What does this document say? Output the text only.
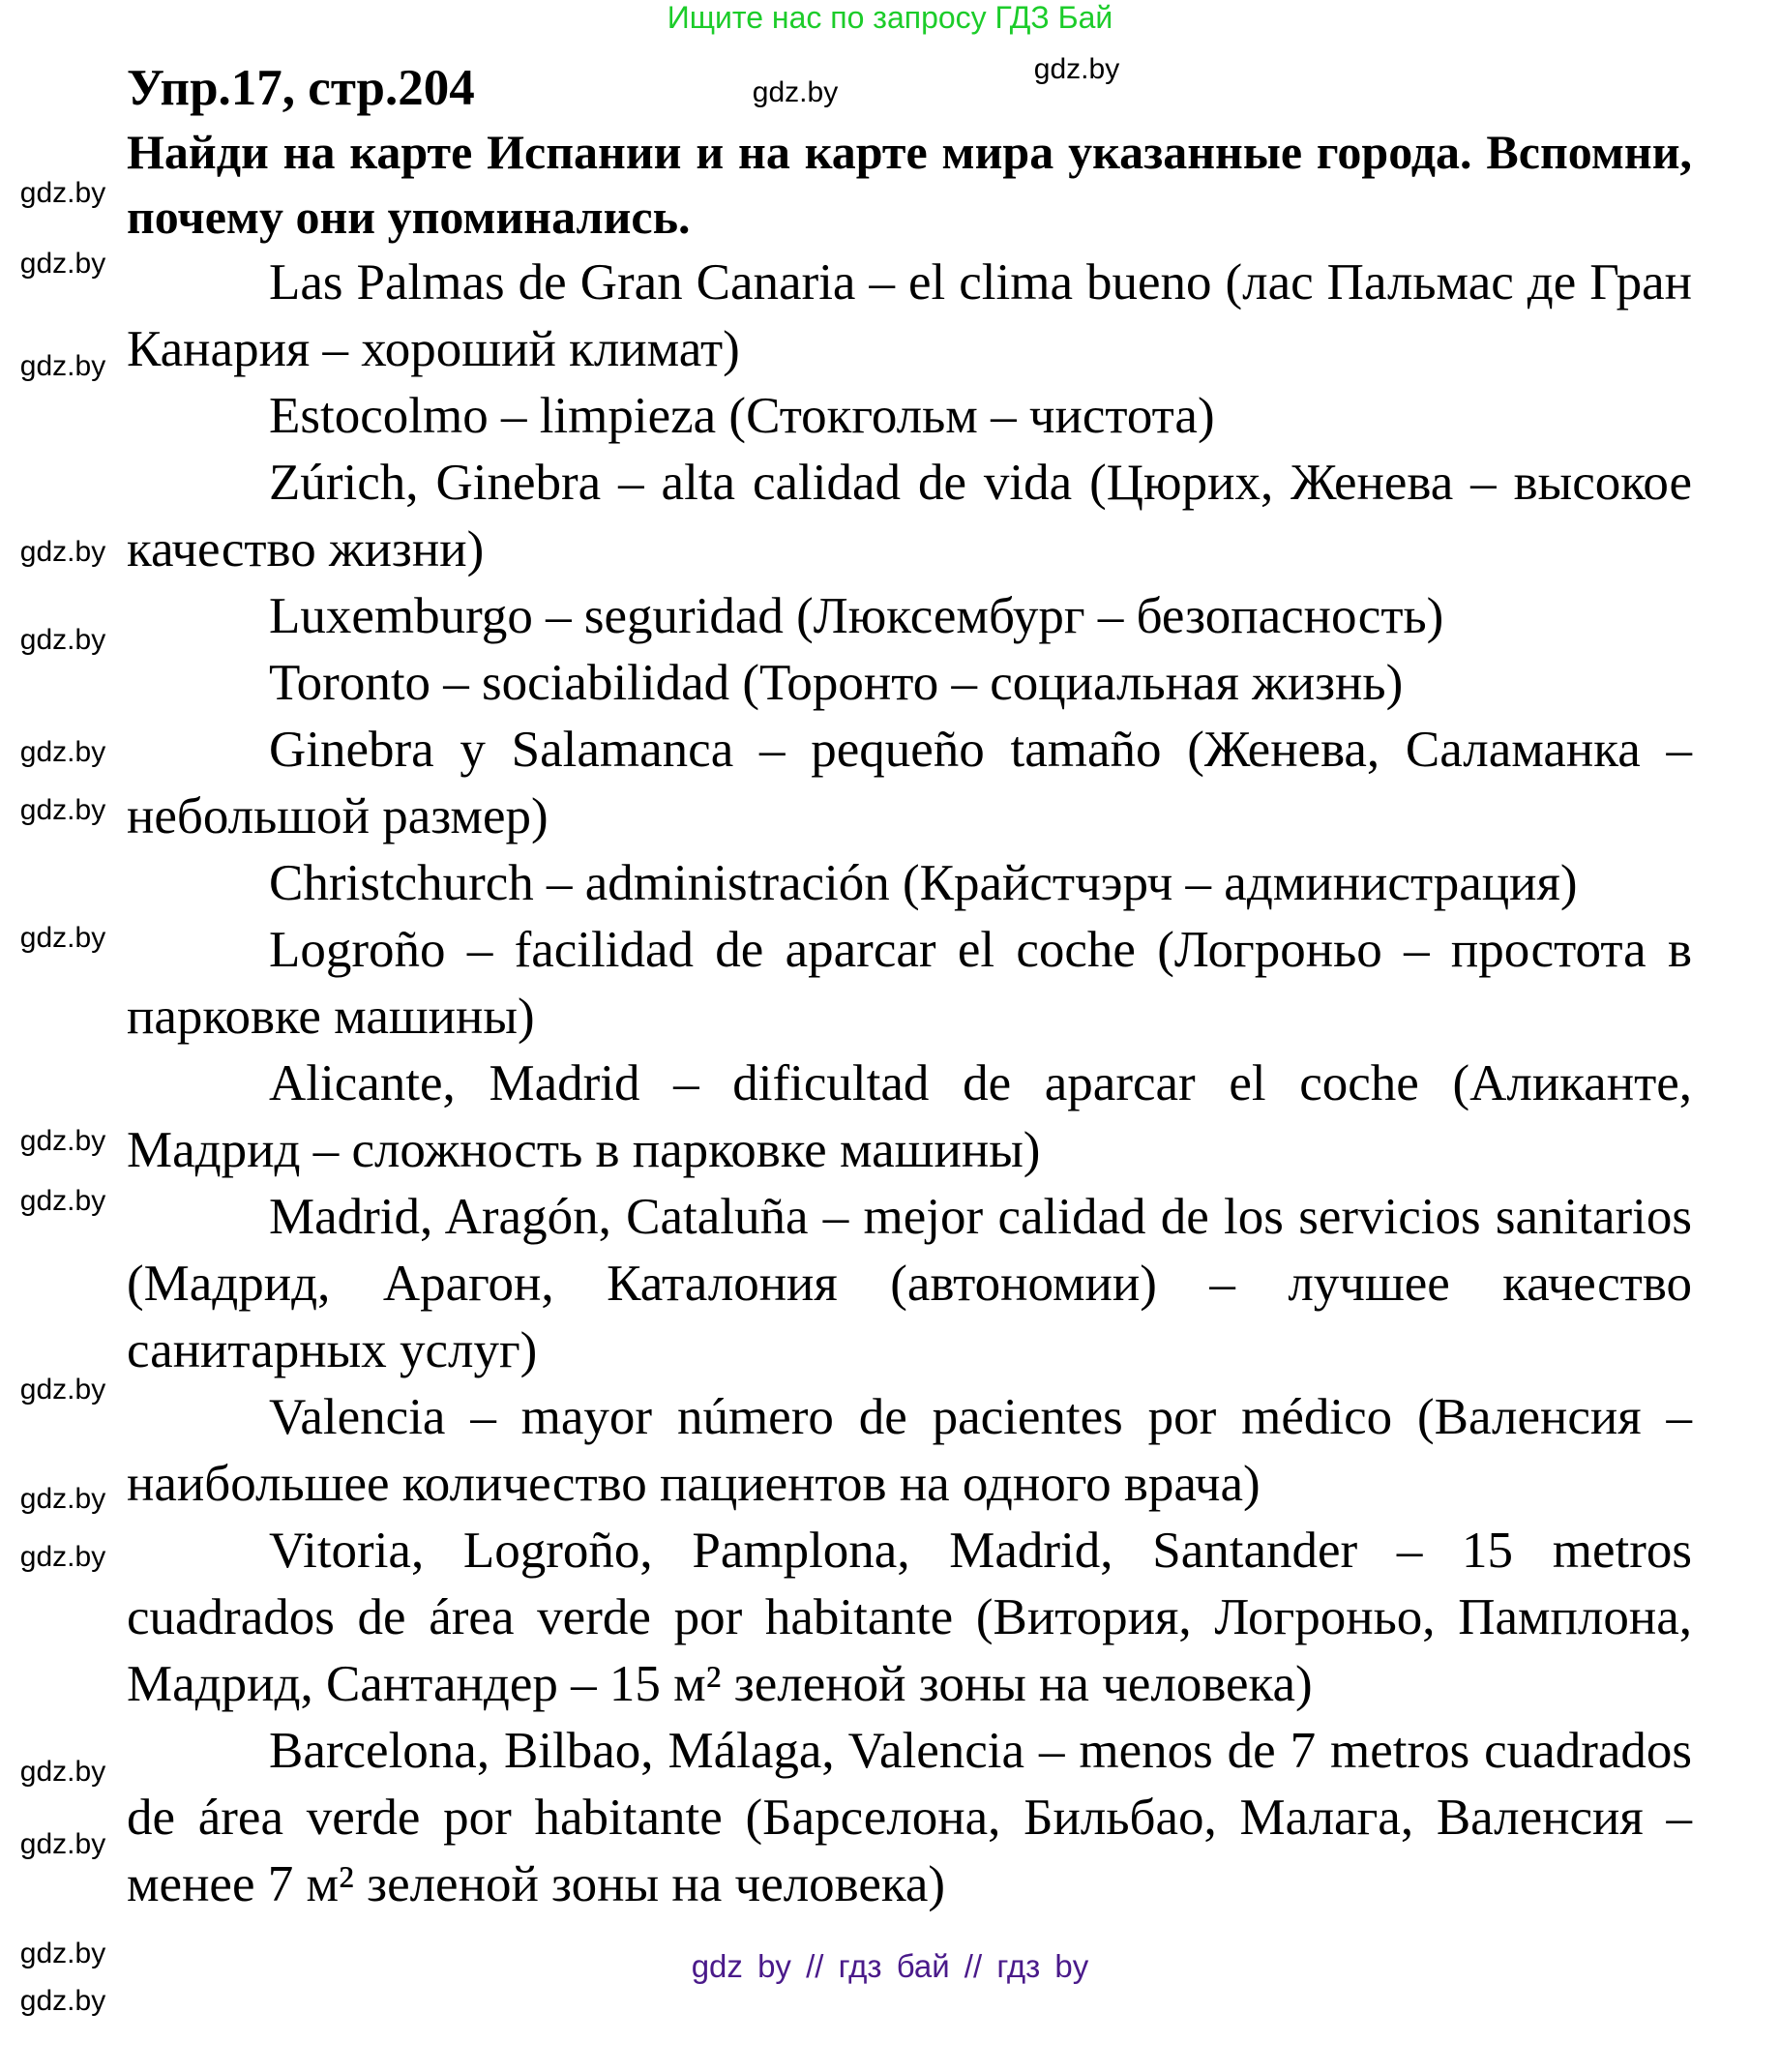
Ищите нас по запросу ГДЗ Бай
Упр.17, стр.204

Найди на карте Испании и на карте мира указанные города. Вспомни, почему они упоминались.

Las Palmas de Gran Canaria – el clima bueno (лас Пальмас де Гран Канария – хороший климат)

Estocolmo – limpieza (Стокгольм – чистота)

Zúrich, Ginebra – alta calidad de vida (Цюрих, Женева – высокое качество жизни)

Luxemburgo – seguridad (Люксембург – безопасность)

Toronto – sociabilidad (Торонто – социальная жизнь)

Ginebra y Salamanca – pequeño tamaño (Женева, Саламанка – небольшой размер)

Christchurch – administración (Крайстчэрч – администрация)

Logroño – facilidad de aparcar el coche (Логроньо – простота в парковке машины)

Alicante, Madrid – dificultad de aparcar el coche (Аликанте, Мадрид – сложность в парковке машины)

Madrid, Aragón, Cataluña – mejor calidad de los servicios sanitarios (Мадрид, Арагон, Каталония (автономии) – лучшее качество санитарных услуг)

Valencia – mayor número de pacientes por médico (Валенсия – наибольшее количество пациентов на одного врача)

Vitoria, Logroño, Pamplona, Madrid, Santander – 15 metros cuadrados de área verde por habitante (Витория, Логроньо, Памплона, Мадрид, Сантандер – 15 м² зеленой зоны на человека)

Barcelona, Bilbao, Málaga, Valencia – menos de 7 metros cuadrados de área verde por habitante (Барселона, Бильбао, Малага, Валенсия – менее 7 м² зеленой зоны на человека)

gdz by // гдз бай // гдз by
gdz.by
gdz.by
gdz.by
gdz.by
gdz.by
gdz.by
gdz.by
gdz.by
gdz.by
gdz.by
gdz.by
gdz.by
gdz.by
gdz.by
gdz.by
gdz.by
gdz.by
gdz.by
gdz.by
